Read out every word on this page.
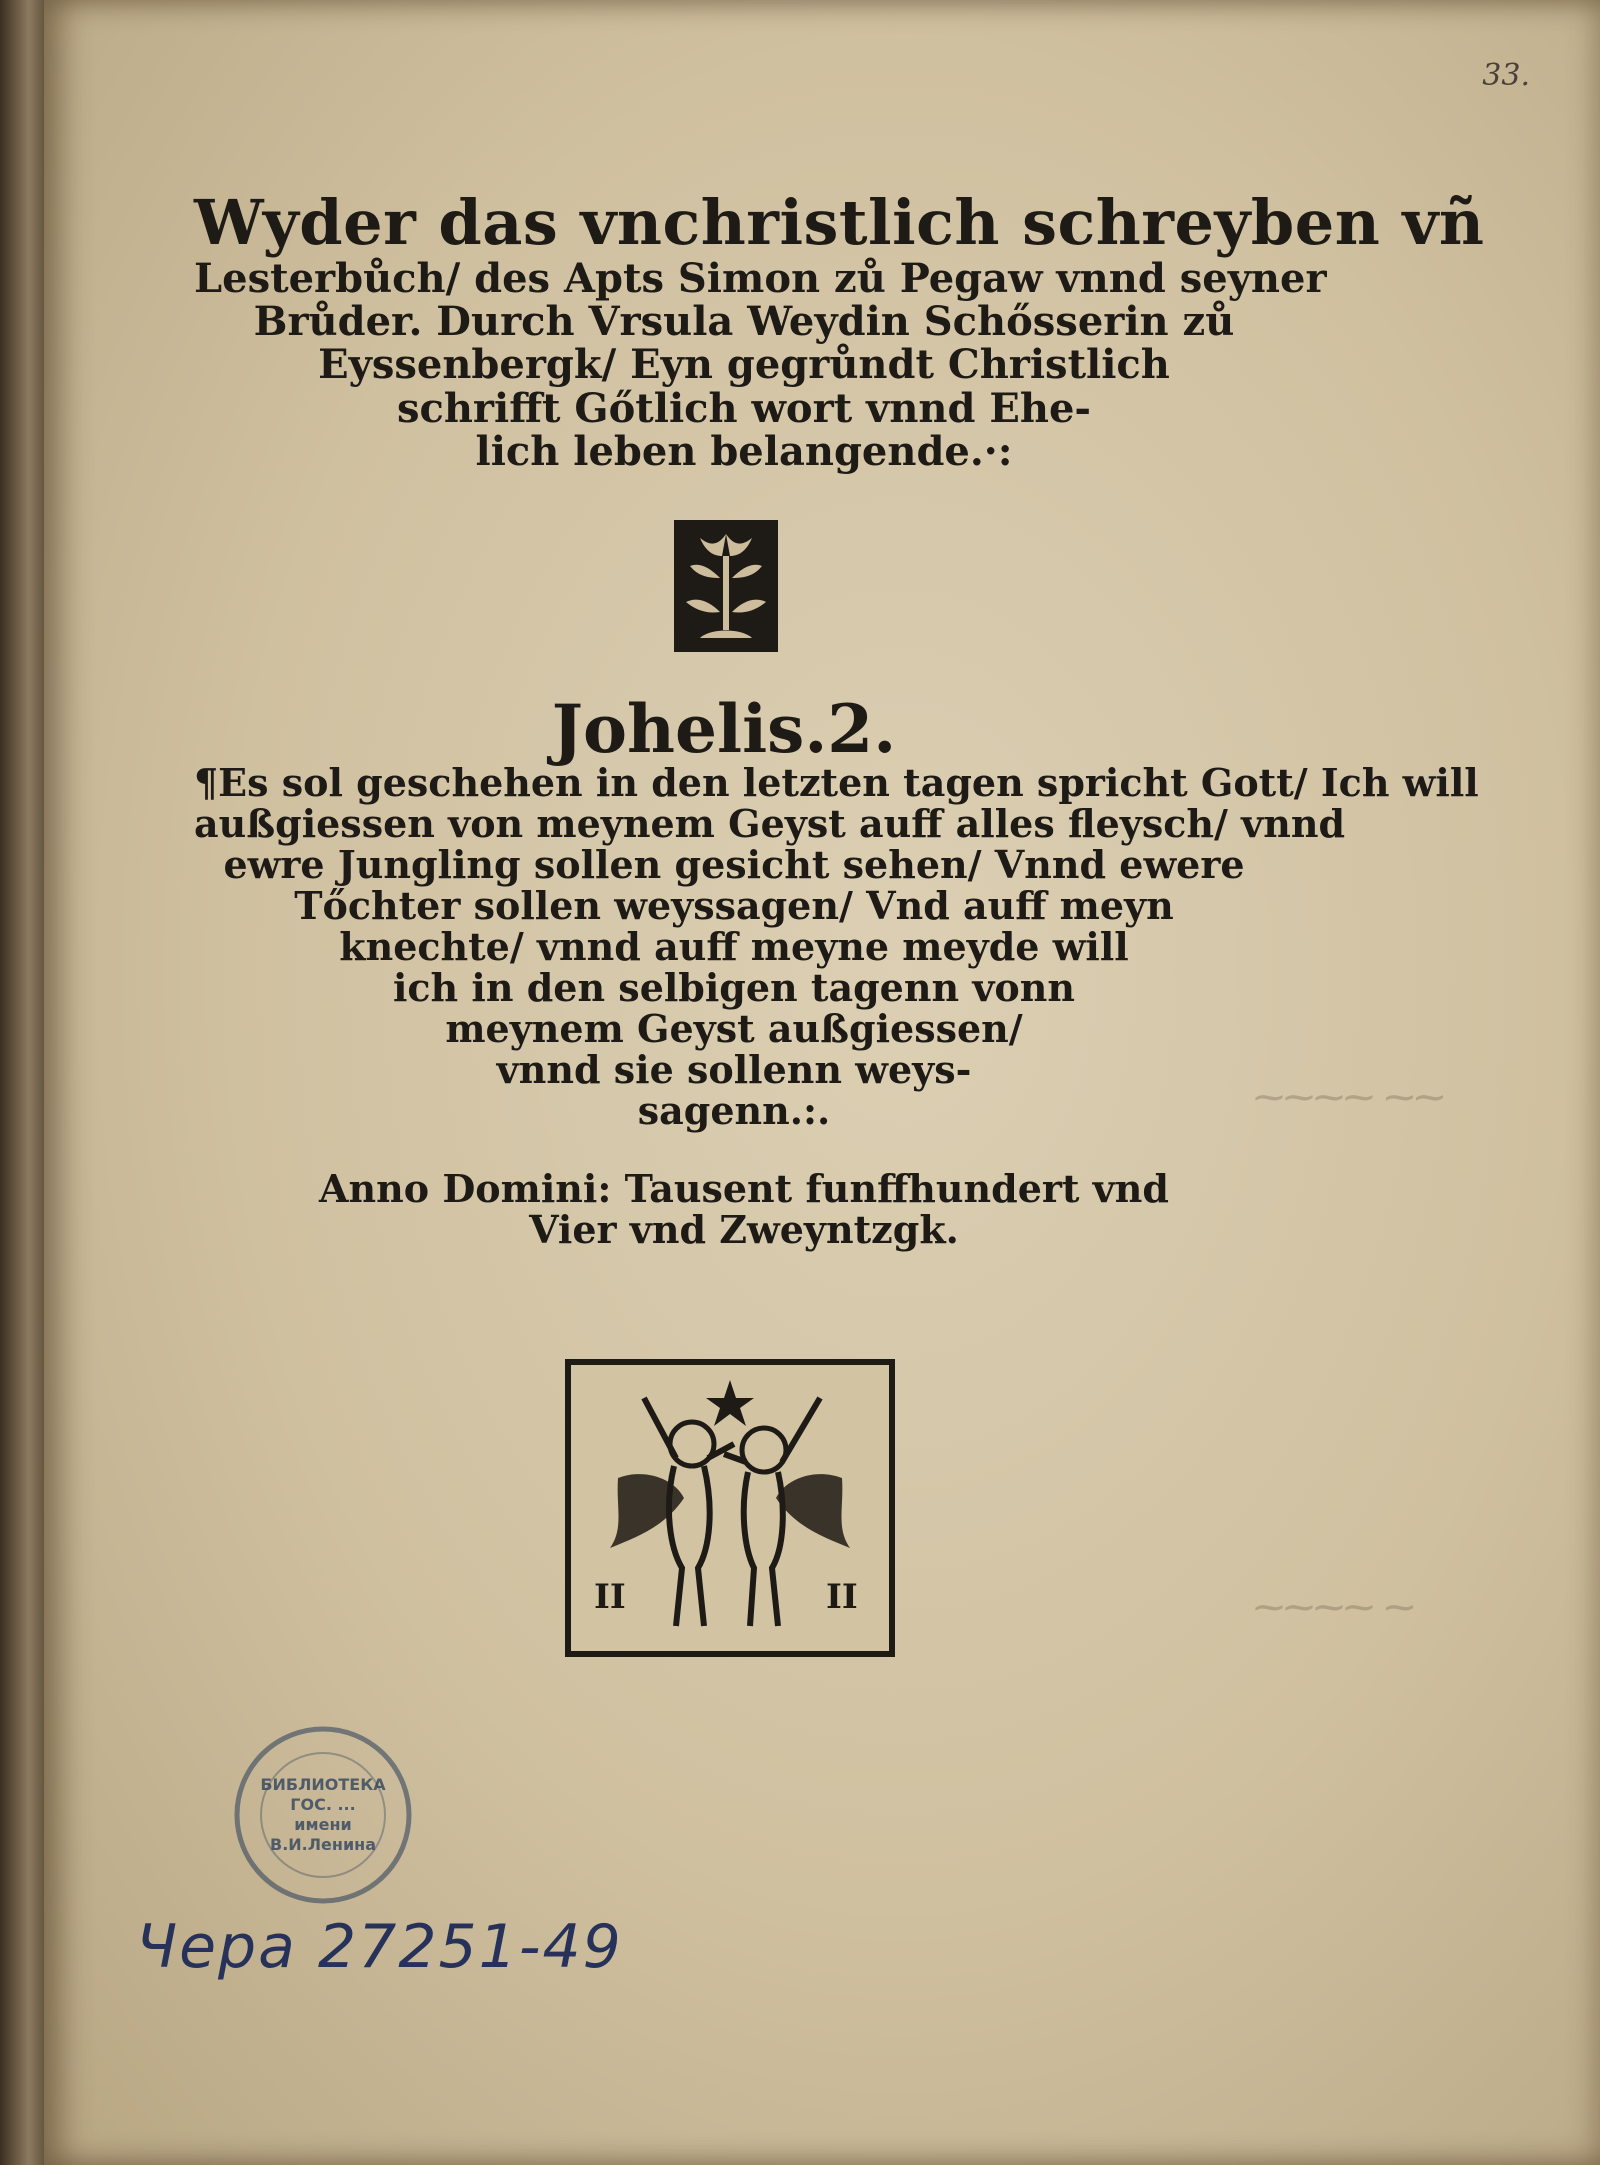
⁓⁓⁓⁓ ⁓⁓
⁓⁓⁓⁓ ⁓
33.
Wyder das vnchristlich schreyben vñ
Lesterbůch/ des Apts Simon zů Pegaw vnnd seyner
Brůder. Durch Vrsula Weydin Schősserin zů
Eyssenbergk/ Eyn gegrůndt Christlich
schrifft Gőtlich wort vnnd Ehe-
lich leben belangende.·:
Johelis.2.
¶Es sol geschehen in den letzten tagen spricht Gott/ Ich will
außgiessen von meynem Geyst auff alles fleysch/ vnnd
ewre Jungling sollen gesicht sehen/ Vnnd ewere
Tőchter sollen weyssagen/ Vnd auff meyn
knechte/ vnnd auff meyne meyde will
ich in den selbigen tagenn vonn
meynem Geyst außgiessen/
vnnd sie sollenn weys-
sagenn.:.
Anno Domini: Tausent funffhundert vnd
Vier vnd Zweyntzgk.
II	II
БИБЛИОТЕКА
ГОС. ...
имени
В.И.Ленина
Чера 27251-49
